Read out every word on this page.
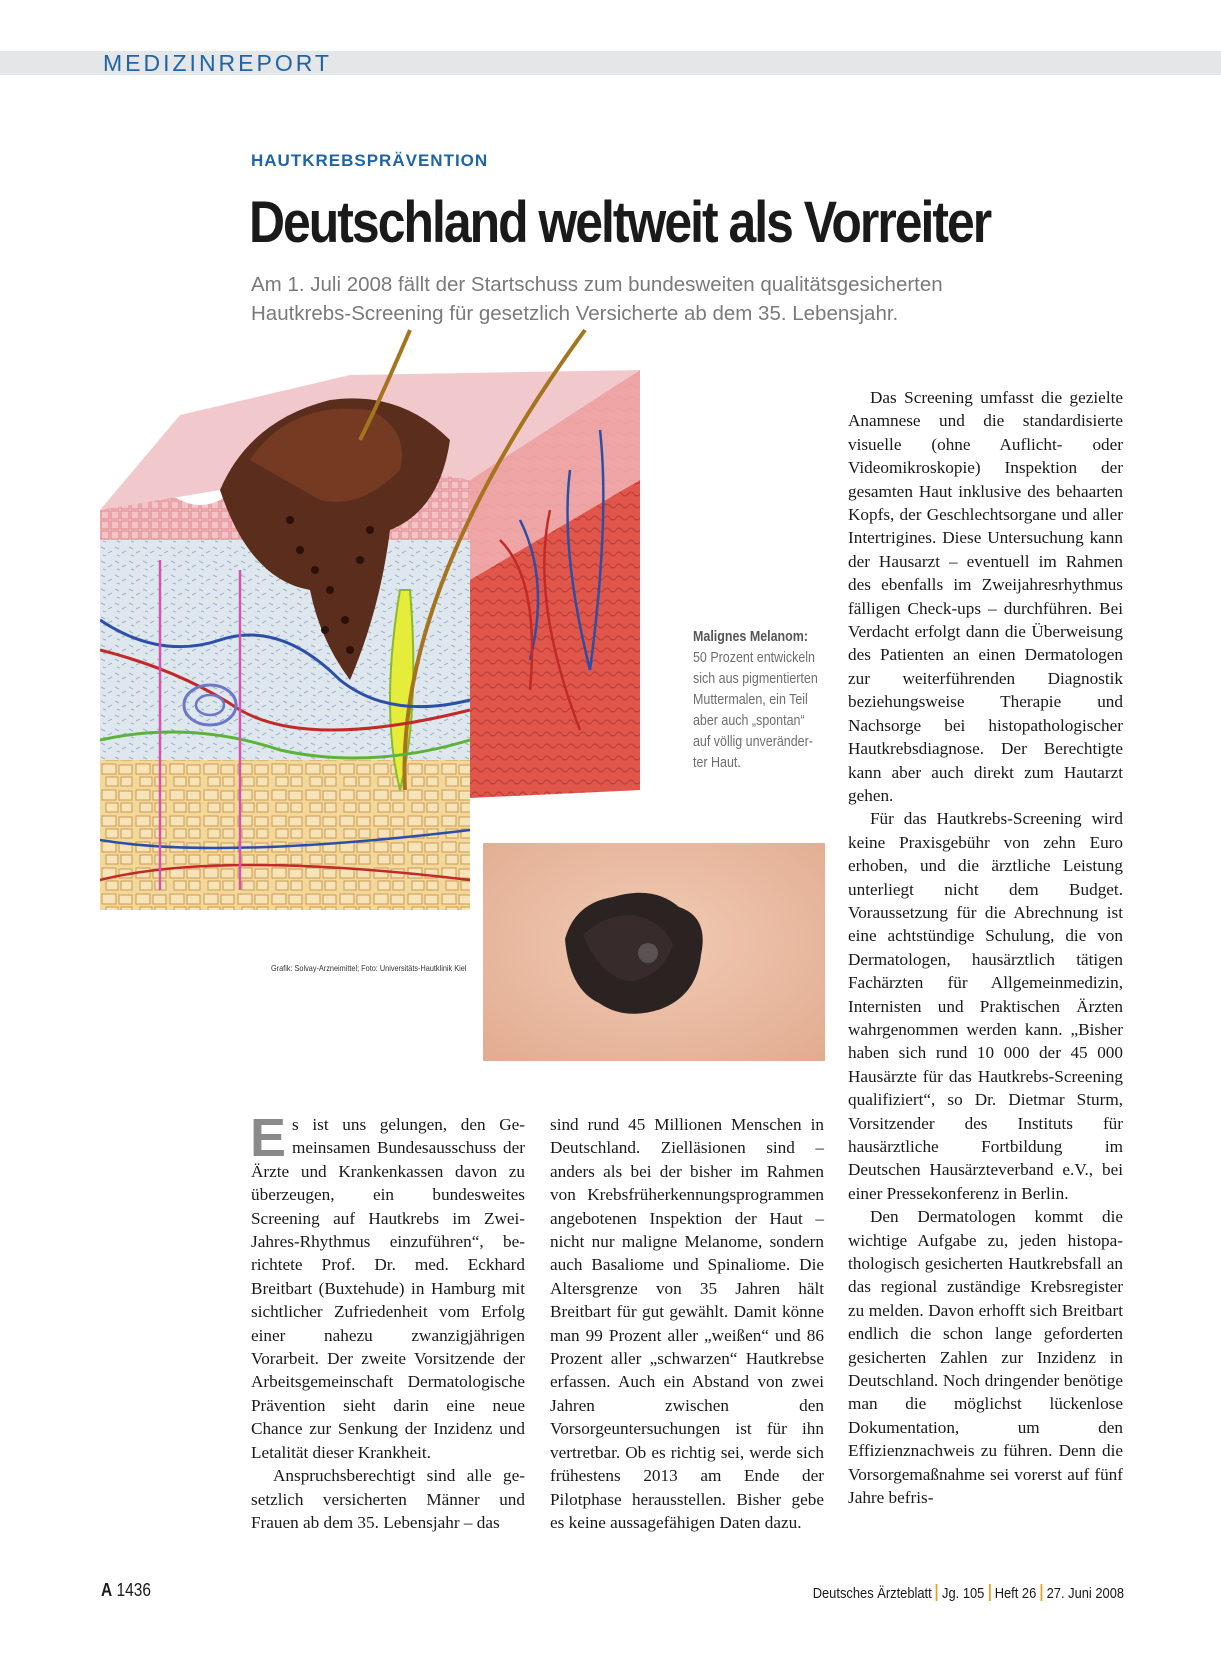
MEDIZINREPORT
HAUTKREBSPRÄVENTION
Deutschland weltweit als Vorreiter
Am 1. Juli 2008 fällt der Startschuss zum bundesweiten qualitätsgesicherten
Hautkrebs-Screening für gesetzlich Versicherte ab dem 35. Lebensjahr.
Grafik: Solvay-Arzneimittel; Foto: Universitäts-Hautklinik Kiel
Malignes Melanom:
50 Prozent entwickeln
sich aus pigmentierten
Muttermalen, ein Teil
aber auch „spontan“
auf völlig unveränder-
ter Haut.

Es ist uns gelungen, den Gemeinsamen Bundesausschuss der Ärzte und Krankenkassen davon zu überzeugen, ein bundesweites Screening auf Hautkrebs im Zwei-Jahres-Rhythmus einzuführen“, berichtete Prof. Dr. med. Eckhard Breitbart (Buxtehude) in Hamburg mit sichtlicher Zufriedenheit vom Erfolg einer nahezu zwanzigjährigen Vorarbeit. Der zweite Vorsitzende der Arbeitsgemeinschaft Dermatologische Prävention sieht darin eine neue Chance zur Senkung der Inzidenz und Letalität dieser Krankheit.

Anspruchsberechtigt sind alle gesetzlich versicherten Männer und Frauen ab dem 35. Lebensjahr – das

sind rund 45 Millionen Menschen in Deutschland. Zielläsionen sind – anders als bei der bisher im Rahmen von Krebsfrüherkennungsprogrammen angebotenen Inspektion der Haut – nicht nur maligne Melanome, sondern auch Basaliome und Spinaliome. Die Altersgrenze von 35 Jahren hält Breitbart für gut gewählt. Damit könne man 99 Prozent aller „weißen“ und 86 Prozent aller „schwarzen“ Hautkrebse erfassen. Auch ein Abstand von zwei Jahren zwischen den Vorsorgeuntersuchungen ist für ihn vertretbar. Ob es richtig sei, werde sich frühestens 2013 am Ende der Pilotphase herausstellen. Bisher gebe es keine aussagefähigen Daten dazu.

Das Screening umfasst die gezielte Anamnese und die standardisierte visuelle (ohne Auflicht- oder Videomikroskopie) Inspektion der gesamten Haut inklusive des behaarten Kopfs, der Geschlechtsorgane und aller Intertrigines. Diese Untersuchung kann der Hausarzt – eventuell im Rahmen des ebenfalls im Zweijahresrhythmus fälligen Check-ups – durchführen. Bei Verdacht erfolgt dann die Überweisung des Patienten an einen Dermatologen zur weiterführenden Diagnostik beziehungsweise Therapie und Nachsorge bei histopathologischer Hautkrebsdiagnose. Der Berechtigte kann aber auch direkt zum Hautarzt gehen.

Für das Hautkrebs-Screening wird keine Praxisgebühr von zehn Euro erhoben, und die ärztliche Leistung unterliegt nicht dem Budget. Voraussetzung für die Abrechnung ist eine achtstündige Schulung, die von Dermatologen, hausärztlich tätigen Fachärzten für Allgemeinmedizin, Internisten und Praktischen Ärzten wahrgenommen werden kann. „Bisher haben sich rund 10 000 der 45 000 Hausärzte für das Hautkrebs-Screening qualifiziert“, so Dr. Dietmar Sturm, Vorsitzender des Instituts für hausärztliche Fortbildung im Deutschen Hausärzteverband e.V., bei einer Pressekonferenz in Berlin.

Den Dermatologen kommt die wichtige Aufgabe zu, jeden histopathologisch gesicherten Hautkrebsfall an das regional zuständige Krebsregister zu melden. Davon erhofft sich Breitbart endlich die schon lange geforderten gesicherten Zahlen zur Inzidenz in Deutschland. Noch dringender benötige man die möglichst lückenlose Dokumentation, um den Effizienznachweis zu führen. Denn die Vorsorgemaßnahme sei vorerst auf fünf Jahre befris-

A 1436	Deutsches Ärzteblatt Jg. 105 Heft 26 27. Juni 2008
